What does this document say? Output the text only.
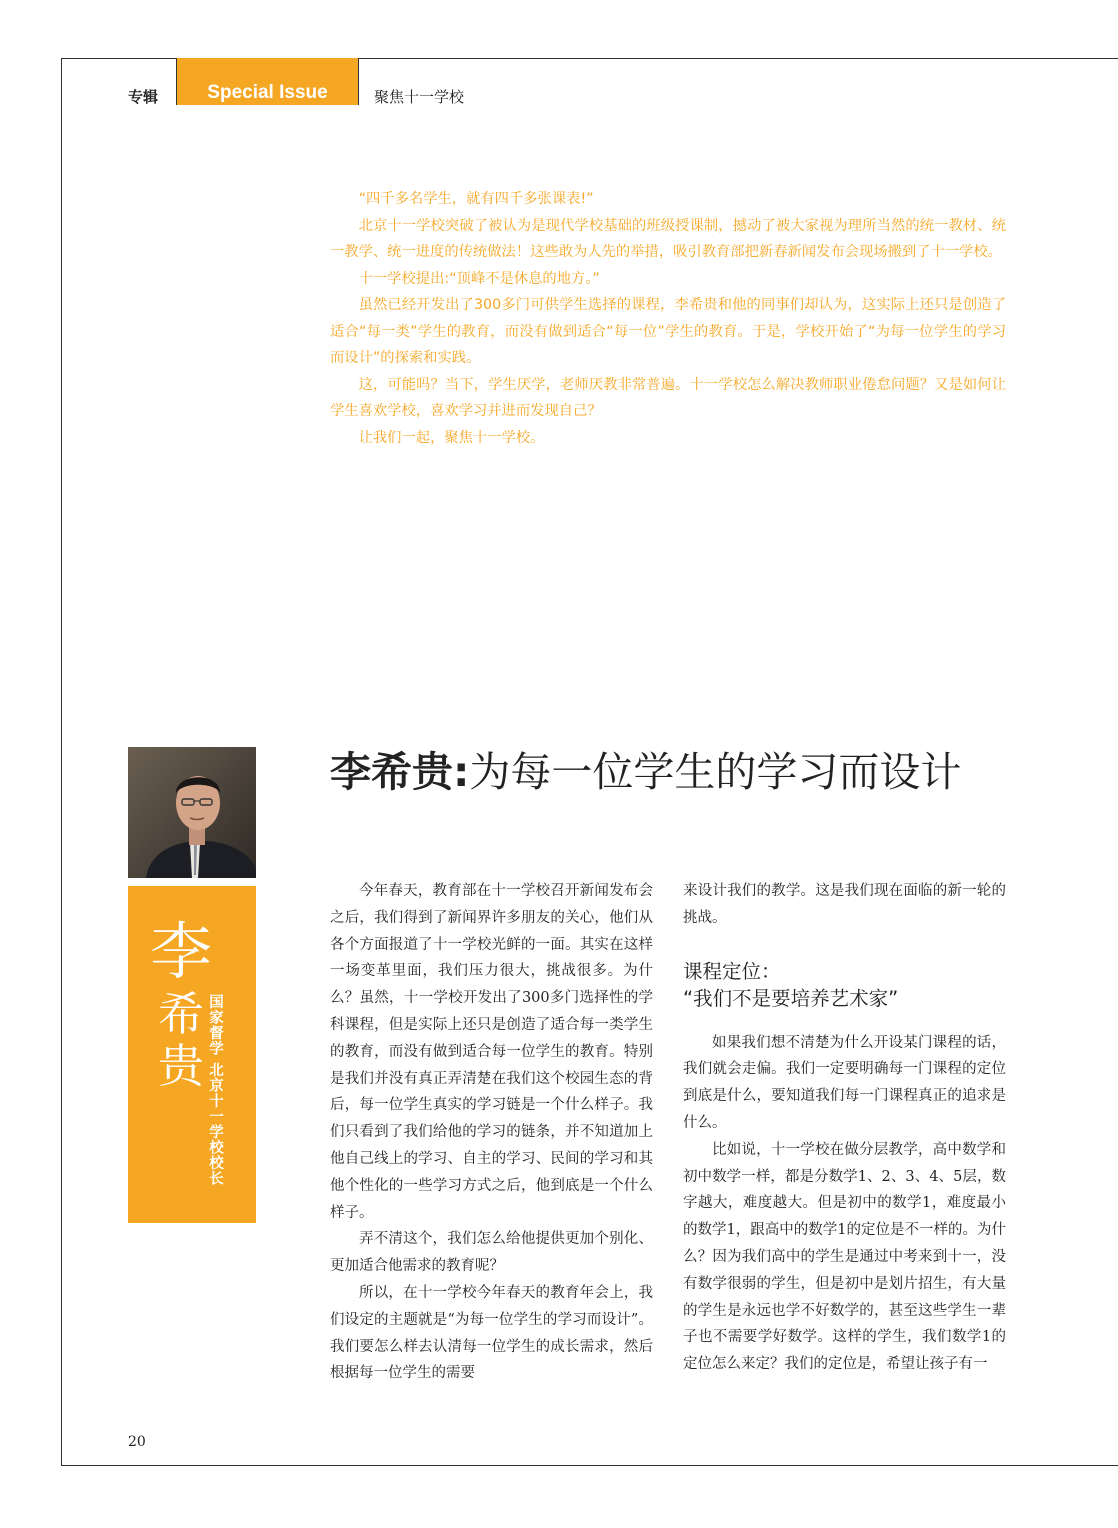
专辑	Special Issue	聚焦十一学校

“四千多名学生，就有四千多张课表!”

北京十一学校突破了被认为是现代学校基础的班级授课制，撼动了被大家视为理所当然的统一教材、统一教学、统一进度的传统做法！这些敢为人先的举措，吸引教育部把新春新闻发布会现场搬到了十一学校。

十一学校提出:“顶峰不是休息的地方。”

虽然已经开发出了300多门可供学生选择的课程，李希贵和他的同事们却认为，这实际上还只是创造了适合“每一类”学生的教育，而没有做到适合“每一位”学生的教育。于是，学校开始了“为每一位学生的学习而设计”的探索和实践。

这，可能吗？当下，学生厌学，老师厌教非常普遍。十一学校怎么解决教师职业倦怠问题？又是如何让学生喜欢学校，喜欢学习并进而发现自己？

让我们一起，聚焦十一学校。

李
希贵 国家督学 北京十一学校校长
李希贵:为每一位学生的学习而设计

今年春天，教育部在十一学校召开新闻发布会之后，我们得到了新闻界许多朋友的关心，他们从各个方面报道了十一学校光鲜的一面。其实在这样一场变革里面，我们压力很大，挑战很多。为什么？虽然，十一学校开发出了300多门选择性的学科课程，但是实际上还只是创造了适合每一类学生的教育，而没有做到适合每一位学生的教育。特别是我们并没有真正弄清楚在我们这个校园生态的背后，每一位学生真实的学习链是一个什么样子。我们只看到了我们给他的学习的链条，并不知道加上他自己线上的学习、自主的学习、民间的学习和其他个性化的一些学习方式之后，他到底是一个什么样子。

弄不清这个，我们怎么给他提供更加个别化、更加适合他需求的教育呢？

所以，在十一学校今年春天的教育年会上，我们设定的主题就是“为每一位学生的学习而设计”。我们要怎么样去认清每一位学生的成长需求，然后根据每一位学生的需要

来设计我们的教学。这是我们现在面临的新一轮的挑战。

课程定位：
“我们不是要培养艺术家”

如果我们想不清楚为什么开设某门课程的话，我们就会走偏。我们一定要明确每一门课程的定位到底是什么，要知道我们每一门课程真正的追求是什么。

比如说，十一学校在做分层教学，高中数学和初中数学一样，都是分数学1、2、3、4、5层，数字越大，难度越大。但是初中的数学1，难度最小的数学1，跟高中的数学1的定位是不一样的。为什么？因为我们高中的学生是通过中考来到十一，没有数学很弱的学生，但是初中是划片招生，有大量的学生是永远也学不好数学的，甚至这些学生一辈子也不需要学好数学。这样的学生，我们数学1的定位怎么来定？我们的定位是，希望让孩子有一

20
